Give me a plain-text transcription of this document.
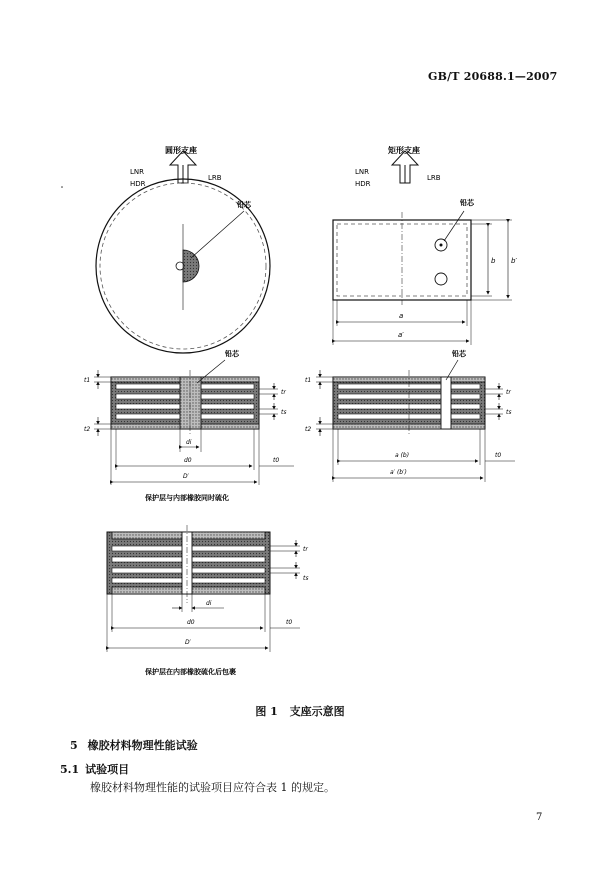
GB/T 20688.1—2007
圆形支座
LNR
HDR
LRB
铅芯
矩形支座
LNR
HDR
LRB
铅芯
b b′
a
a′
铅芯
t1
t2
tr
ts
di
d0	t0
D′
保护层与内部橡胶同时硫化
铅芯
t1
t2
tr
ts
a (b)	t0
a′ (b′)
tr
ts
di
d0	t0
D′
保护层在内部橡胶硫化后包裹
图 1 支座示意图
5 橡胶材料物理性能试验
5.1 试验项目
橡胶材料物理性能的试验项目应符合表 1 的规定。
7
